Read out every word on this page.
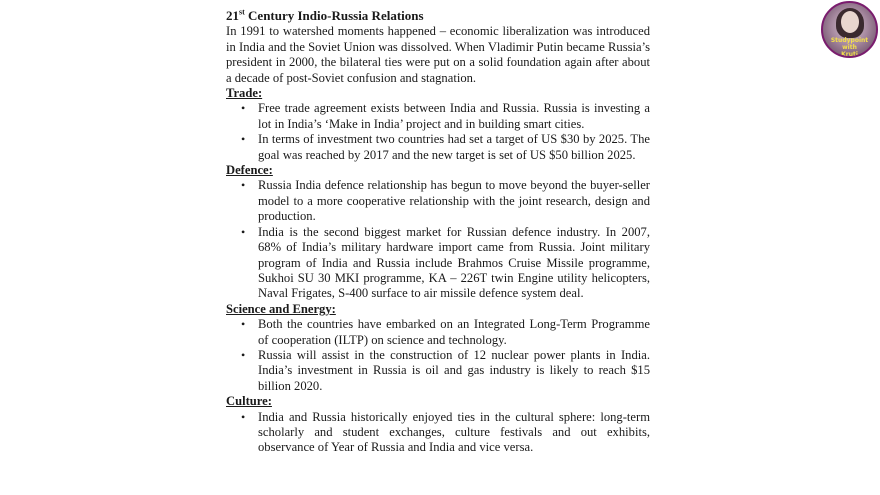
21st Century Indio-Russia Relations

In 1991 to watershed moments happened – economic liberalization was introduced in India and the Soviet Union was dissolved. When Vladimir Putin became Russia’s president in 2000, the bilateral ties were put on a solid foundation again after about a decade of post-Soviet confusion and stagnation.

Trade:

• Free trade agreement exists between India and Russia. Russia is investing a lot in India’s ‘Make in India’ project and in building smart cities.
• In terms of investment two countries had set a target of US $30 by 2025. The goal was reached by 2017 and the new target is set of US $50 billion 2025.

Defence:

• Russia India defence relationship has begun to move beyond the buyer-seller model to a more cooperative relationship with the joint research, design and production.
• India is the second biggest market for Russian defence industry. In 2007, 68% of India’s military hardware import came from Russia. Joint military program of India and Russia include Brahmos Cruise Missile programme, Sukhoi SU 30 MKI programme, KA – 226T twin Engine utility helicopters, Naval Frigates, S-400 surface to air missile defence system deal.

Science and Energy:

• Both the countries have embarked on an Integrated Long-Term Programme of cooperation (ILTP) on science and technology.
• Russia will assist in the construction of 12 nuclear power plants in India. India’s investment in Russia is oil and gas industry is likely to reach $15 billion 2020.

Culture:

• India and Russia historically enjoyed ties in the cultural sphere: long-term scholarly and student exchanges, culture festivals and out exhibits, observance of Year of Russia and India and vice versa.
Studypoint with
Kruti
